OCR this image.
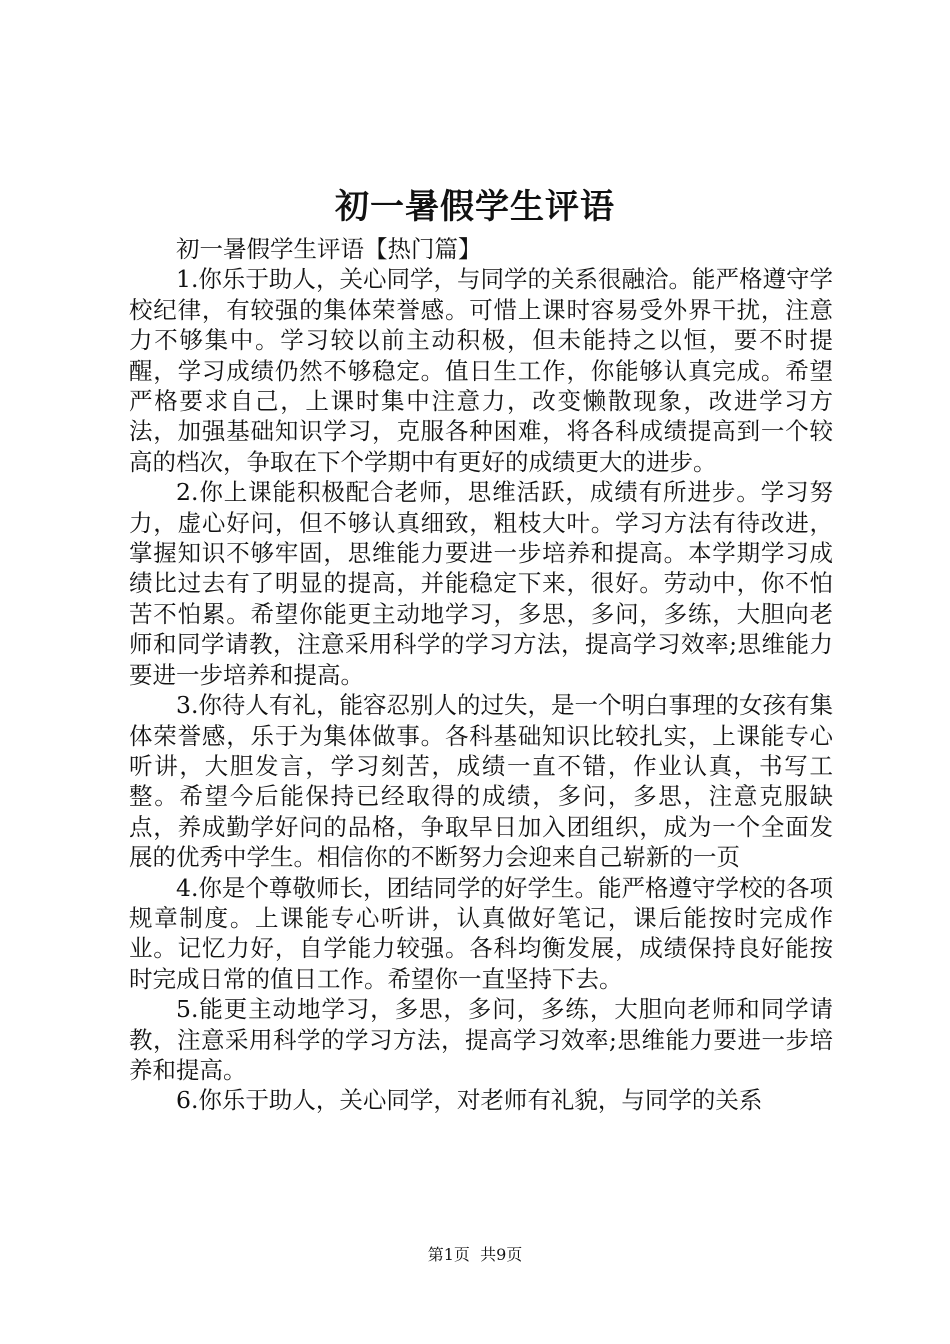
初一暑假学生评语

初一暑假学生评语【热门篇】

1.你乐于助人，关心同学，与同学的关系很融洽。能严格遵守学校纪律，有较强的集体荣誉感。可惜上课时容易受外界干扰，注意力不够集中。学习较以前主动积极，但未能持之以恒，要不时提醒，学习成绩仍然不够稳定。值日生工作，你能够认真完成。希望严格要求自己，上课时集中注意力，改变懒散现象，改进学习方法，加强基础知识学习，克服各种困难，将各科成绩提高到一个较高的档次，争取在下个学期中有更好的成绩更大的进步。

2.你上课能积极配合老师，思维活跃，成绩有所进步。学习努力，虚心好问，但不够认真细致，粗枝大叶。学习方法有待改进，掌握知识不够牢固，思维能力要进一步培养和提高。本学期学习成绩比过去有了明显的提高，并能稳定下来，很好。劳动中，你不怕苦不怕累。希望你能更主动地学习，多思，多问，多练，大胆向老师和同学请教，注意采用科学的学习方法，提高学习效率;思维能力要进一步培养和提高。

3.你待人有礼，能容忍别人的过失，是一个明白事理的女孩有集体荣誉感，乐于为集体做事。各科基础知识比较扎实，上课能专心听讲，大胆发言，学习刻苦，成绩一直不错，作业认真，书写工整。希望今后能保持已经取得的成绩，多问，多思，注意克服缺点，养成勤学好问的品格，争取早日加入团组织，成为一个全面发展的优秀中学生。相信你的不断努力会迎来自己崭新的一页

4.你是个尊敬师长，团结同学的好学生。能严格遵守学校的各项规章制度。上课能专心听讲，认真做好笔记，课后能按时完成作业。记忆力好，自学能力较强。各科均衡发展，成绩保持良好能按时完成日常的值日工作。希望你一直坚持下去。

5.能更主动地学习，多思，多问，多练，大胆向老师和同学请教，注意采用科学的学习方法，提高学习效率;思维能力要进一步培养和提高。

6.你乐于助人，关心同学，对老师有礼貌，与同学的关系

第1页  共9页
